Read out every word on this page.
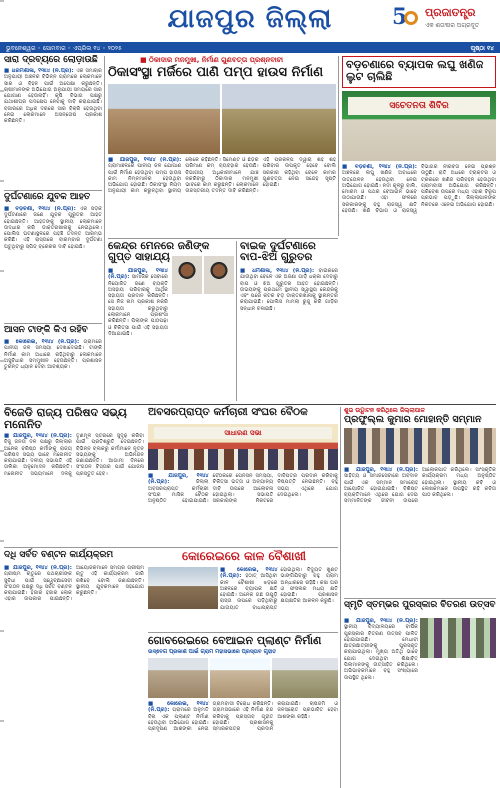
ଯାଜପୁର ଜିଲ୍ଲା	5	ପ୍ରଜାତନ୍ତ୍ର
ଏକ ଶତାବ୍ଦୀର ଅଗ୍ରଦୂତ
ଭୁବନେଶ୍ୱର ◦ ସୋମବାର ◦ ଏପ୍ରିଲ ୧୪ ◦ ୨୦୨୫	ପୃଷ୍ଠା ୧୪
ସାରା ଦ୍ରବ୍ୟରେ ଲୋଡ଼ାଉଛି

■ ଧରମଶାଳା, ୧୩ା୪ (ନି.ପ୍ର): ଏକ ସମାଚାର ଅନୁଯାୟୀ ଅଞ୍ଚଳର ବିଭିନ୍ନ ଗ୍ରାମରେ ଲୋକମାନେ ସାର ଓ ବିହନ ପାଇଁ ଅପେକ୍ଷା କରୁଛନ୍ତି। ଚାଷୀମାନଙ୍କ ଅଭିଯୋଗ ଅନୁଯାୟୀ ସମୟରେ ସାର ଯୋଗାଣ ହେଉନାହିଁ। କୃଷି ବିଭାଗ ପକ୍ଷରୁ ଯଥାଶୀଘ୍ର ପଦକ୍ଷେପ ନେବାକୁ ଦାବି କରାଯାଇଛି। ବଜାରରେ ଅଧିକ ଦରରେ ସାର ବିକ୍ରି ହେଉଥିବା ନେଇ ଲୋକମାନେ ଅସନ୍ତୋଷ ପ୍ରକାଶ କରିଛନ୍ତି।

ଦୁର୍ଘଟଣାରେ ଯୁବକ ଆହତ

■ ବଡ଼ଚଣା, ୧୩ା୪ (ନି.ପ୍ର): ଏକ ସଡ଼କ ଦୁର୍ଘଟଣାରେ ଜଣେ ଯୁବକ ଗୁରୁତର ଆହତ ହୋଇଛନ୍ତି। ଆହତଙ୍କୁ ସ୍ଥାନୀୟ ଲୋକମାନେ ଉଦ୍ଧାର କରି ଡାକ୍ତରଖାନାକୁ ନେଇଥିଲେ। ପୋଲିସ ଘଟଣାସ୍ଥଳରେ ପହଞ୍ଚି ତଦନ୍ତ ଆରମ୍ଭ କରିଛି। ଏହି ରାସ୍ତାରେ ବାରମ୍ବାର ଦୁର୍ଘଟଣା ଘଟୁଥିବାରୁ ସ୍ପିଡ୍ ବ୍ରେକର ଦାବି ହୋଇଛି।

ଆସନ ଟାଙ୍କି କିଏ ରହିବ

■ କୋରେଇ, ୧୩ା୪ (ନି.ପ୍ର): ଗ୍ରାମରେ ପାନୀୟ ଜଳ ସମସ୍ୟା ଦେଖାଦେଇଛି। ଟାଙ୍କି ନିର୍ମାଣ କାମ ଅଧାରେ ରହିଥିବାରୁ ଲୋକମାନେ ଅସୁବିଧାର ସମ୍ମୁଖୀନ ହେଉଛନ୍ତି। ପ୍ରଶାସନ ତୁରନ୍ତ ଧ୍ୟାନ ଦେବା ଆବଶ୍ୟକ।

■ ଠିକାଦାର ମନମୁଖୀ, ନିର୍ମାଣ ଗୁଣବତ୍ତା ପ୍ରଶ୍ନବାଚୀ
ଠିକାସଂସ୍ଥା ମର୍ଜିରେ ପାଣି ପମ୍ପ ହାଉସ ନିର୍ମାଣ

■ ଯାଜପୁର, ୧୩ା୪ (ନି.ପ୍ର): ଗ୍ରାମାଞ୍ଚଳରେ ପାନୀୟ ଜଳ ଯୋଗାଣ ପାଇଁ ନିର୍ମାଣ ହେଉଥିବା ପମ୍ପ ହାଉସ କାମ ନିମ୍ନମାନର ହେଉଥିବା ଅଭିଯୋଗ ହୋଇଛି। ଠିକାସଂସ୍ଥା ନିୟମ ଅନୁଯାୟୀ କାମ କରୁନଥିବା ସ୍ଥାନୀୟ ଲୋକେ କହିଛନ୍ତି। ସିମେଣ୍ଟ ଓ ଛଡ଼ର ପରିମାଣ କମ୍ ବ୍ୟବହାର ହେଉଛି। ବିଭାଗୀୟ ଅଧିକାରୀମାନେ ଯାଞ୍ଚ ନକରିବାରୁ ଠିକାଦାର ମନମୁଖୀ ଭାବରେ କାମ କରୁଛନ୍ତି। ଲୋକମାନେ ଉଚ୍ଚସ୍ତରୀୟ ତଦନ୍ତ ଦାବି କରିଛନ୍ତି। ଏହି ପ୍ରକଳ୍ପ ଦ୍ୱାରା ଶହ ଶହ ପରିବାର ଉପକୃତ ହେବେ ବୋଲି ସରକାର କହିଥିବା ବେଳେ କାମର ଗୁଣବତ୍ତା ନେଇ ସନ୍ଦେହ ସୃଷ୍ଟି ହୋଇଛି।

ବଡ଼ଚଣାରେ ବ୍ୟାପକ ଲଘୁ ଖଣିଜ ଲୁଟ ଚାଲିଛି
ସଚେତନତା ଶିବିର

■ ବଡ଼ଚଣା, ୧୩ା୪ (ନି.ପ୍ର): ଅଞ୍ଚଳରେ ଲଘୁ ଖଣିଜ ଅବାଧରେ ଉତ୍ତୋଳନ ହେଉଥିବା ନେଇ ଅଭିଯୋଗ ହୋଇଛି। ନଦୀ କୂଳରୁ ବାଲି, ମୋରମ ଓ ପଥର ବେଆଇନ ଭାବେ ଉଠାଯାଉଛି। ଏହା ଫଳରେ ସରକାରଙ୍କୁ ବହୁ ରାଜସ୍ୱ କ୍ଷତି ହେଉଛି। ଖଣି ବିଭାଗ ଓ ରାଜସ୍ୱ ବିଭାଗର ନୀରବତା ନେଇ ପ୍ରଶ୍ନ ଉଠୁଛି। ରାତି ଅଧରେ ଟ୍ରାକ୍ଟର ଓ ଟ୍ରକରେ ଖଣିଜ ପରିବହନ ହେଉଥିବା ଗ୍ରାମବାସୀ ଅଭିଯୋଗ କରିଛନ୍ତି। ପରିବେଶ ଉପରେ ମଧ୍ୟ ଏହାର ବିରୂପ ପ୍ରଭାବ ପଡ଼ୁଛି। ଜିଲ୍ଲାପାଳଙ୍କ ନିକଟରେ ଏନେଇ ଅଭିଯୋଗ ହୋଇଛି।

କେନ୍ଦ୍ର ମେନରେ ଜଣିଙ୍କ ଗୁପ୍ତ ସାହାଯ୍ୟ

■ ଯାଜପୁର, ୧୩ା୪ (ନି.ପ୍ର): ସାମାଜିକ ସେବାରେ ନିୟୋଜିତ ଜଣେ ବ୍ୟକ୍ତି ଅସହାୟ ପରିବାରକୁ ଆର୍ଥିକ ସହାୟତା ପ୍ରଦାନ କରିଛନ୍ତି। ସେ ନିଜ ନାମ ପ୍ରକାଶ ନକରି ସହାୟତା କରୁଥିବାରୁ ଲୋକମାନେ ପ୍ରଶଂସା କରିଛନ୍ତି। ପିଲାଙ୍କ ପାଠପଢ଼ା ଓ ଚିକିତ୍ସା ପାଇଁ ଏହି ସହାୟତା ଦିଆଯାଇଛି।

ବାଇକ ଦୁର୍ଘଟଣାରେ ବାପ-ଝିଅ ଗୁରୁତର

■ ଧର୍ମଶାଳା, ୧୩ା୪ (ନି.ପ୍ର): ବାଇକରେ ଯାଉଥିବା ବେଳେ ଏକ ଅଜଣା ଗାଡ଼ି ଧକ୍କା ଦେବାରୁ ବାପ ଓ ଝିଅ ଗୁରୁତର ଆହତ ହୋଇଛନ୍ତି। ଉଭୟଙ୍କୁ ପ୍ରଥମେ ସ୍ଥାନୀୟ ସ୍ୱାସ୍ଥ୍ୟ କେନ୍ଦ୍ରକୁ ଏବଂ ପରେ କଟକ ବଡ଼ ଡାକ୍ତରଖାନାକୁ ସ୍ଥାନାନ୍ତର କରାଯାଇଛି। ପୋଲିସ ମାମଲା ରୁଜୁ କରି ଗାଡ଼ିର ସନ୍ଧାନ ଚଳାଇଛି।

ବିଜେଡି ରାଜ୍ୟ ପରିଷଦ ସଭ୍ୟ ମନୋନିତ

■ ଯାଜପୁର, ୧୩ା୪ (ନି.ପ୍ର): ବିଜୁ ଜନତା ଦଳ ପକ୍ଷରୁ ଜିଲ୍ଲାର ଅନେକ ବରିଷ୍ଠ କର୍ମୀଙ୍କୁ ରାଜ୍ୟ ପରିଷଦ ସଭ୍ୟ ଭାବେ ମନୋନୀତ କରାଯାଇଛି। ଦଳୀୟ ସଭାପତି ଏହି ତାଲିକା ଅନୁମୋଦନ କରିଛନ୍ତି। ମନୋନୀତ ସଭ୍ୟମାନେ ଦଳକୁ ତୃଣମୂଳ ସ୍ତରରେ ସୁଦୃଢ଼ କରିବା ପାଇଁ ପ୍ରତିଶ୍ରୁତି ଦେଇଛନ୍ତି। ବିଭିନ୍ନ ବ୍ଲକରୁ କର୍ମୀମାନେ ନୂତନ ସଭ୍ୟଙ୍କୁ ଅଭିନନ୍ଦନ ଜଣାଇଛନ୍ତି। ଆଗାମୀ ଦିନରେ ସଂଗଠନ ବିସ୍ତାର ପାଇଁ ଯୋଜନା ପ୍ରସ୍ତୁତ ହେବ।

ଅବସରପ୍ରାପ୍ତ କର୍ମଚାରୀ ସଂଘର ବୈଠକ
ସାଧାରଣ ସଭା

■ ଯାଜପୁର, ୧୩ା୪ (ନି.ପ୍ର): ଜିଲ୍ଲା ଅବସରପ୍ରାପ୍ତ କର୍ମଚାରୀ ସଂଘର ମାସିକ ବୈଠକ ଅନୁଷ୍ଠିତ ହୋଇଯାଇଛି। ବୈଠକରେ ପେନସନ ସମସ୍ୟା, ଚିକିତ୍ସା ଭତ୍ତା ଓ ଅନ୍ୟାନ୍ୟ ଦାବି ଉପରେ ଆଲୋଚନା ହୋଇଥିଲା। ସଭାପତି ସରକାରଙ୍କ ନିକଟରେ ଦାବିପତ୍ର ପ୍ରଦାନ କରିବାକୁ ନିଷ୍ପତ୍ତି ନେଇଛନ୍ତି। ବହୁ ସଭ୍ୟ ଏଥିରେ ଯୋଗ ଦେଇଥିଲେ।

ଶୁଭ ଉଦ୍ଘାଟନ କରିଥିଲେ ଜିଲ୍ଲାପାଳ
ପ୍ରଫୁଲ୍ଲ କୁମାର ମୋହାନ୍ତି ସମ୍ମାନ

■ ଯାଜପୁର, ୧୩ା୪ (ନି.ପ୍ର): ସାହିତ୍ୟ ଓ ସମାଜସେବାରେ ଅବଦାନ ପାଇଁ ଏକ ସମ୍ମାନ ସମାରୋହ ଆୟୋଜିତ ହୋଇଯାଇଛି। ବିଶିଷ୍ଟ ବ୍ୟକ୍ତିମାନେ ଏଥିରେ ଯୋଗ ଦେଇ ସମ୍ମାନିତଙ୍କ ଜୀବନୀ ଉପରେ ଆଲୋକପାତ କରିଥିଲେ। ସାଂସ୍କୃତିକ କାର୍ଯ୍ୟକ୍ରମ ମଧ୍ୟ ଅନୁଷ୍ଠିତ ହୋଇଥିଲା। ସ୍ଥାନୀୟ କବି ଓ ଲେଖକମାନେ ଉପସ୍ଥିତ ରହି କବିତା ପାଠ କରିଥିଲେ।

କୋରେଇରେ କାଳ ବୈଶାଖୀ

■ କୋରେଇ, ୧୩ା୪ (ନି.ପ୍ର): ହଠାତ୍ ଆସିଥିବା କାଳ ବୈଶାଖୀ ଝଡ଼ରେ ଅଞ୍ଚଳରେ ବ୍ୟାପକ କ୍ଷତି ହୋଇଛି। ଅନେକ ଗଛ ଉପୁଡ଼ି ରାସ୍ତା ଉପରେ ପଡ଼ିଥିବାରୁ ଯାତାୟାତ ବାଧାପ୍ରାପ୍ତ ହୋଇଥିଲା। ବିଦ୍ୟୁତ ଖୁଣ୍ଟ ଭାଙ୍ଗିଯିବାରୁ ବହୁ ଗ୍ରାମ ଅନ୍ଧାରରେ ରହିଛି। କଞ୍ଚା ଘର ଓ ଫସଲର ମଧ୍ୟ କ୍ଷତି ହୋଇଛି। ପ୍ରଶାସନ କ୍ଷୟକ୍ଷତିର ଆକଳନ କରୁଛି।

ଦଧି ସର୍ବତ ବଣ୍ଟନ କାର୍ଯ୍ୟକ୍ରମ

■ ଯାଜପୁର, ୧୩ା୪ (ନି.ପ୍ର): ଗ୍ରୀଷ୍ମ ଋତୁରେ ପଥଚାରୀଙ୍କ ସୁବିଧା ପାଇଁ ସ୍ୱେଚ୍ଛାସେବୀ ସଂଗଠନ ପକ୍ଷରୁ ଦଧି ସର୍ବତ ବଣ୍ଟନ କରାଯାଇଛି। ହଜାର ହଜାର ଲୋକ ଏହାର ଉପକାର ପାଇଛନ୍ତି। ଆୟୋଜକମାନେ ସମଗ୍ର ଗ୍ରୀଷ୍ମ ଋତୁ ଏହି କାର୍ଯ୍ୟକ୍ରମ ଜାରି ରଖିବେ ବୋଲି ଜଣାଇଛନ୍ତି। ସ୍ଥାନୀୟ ଯୁବକମାନେ ସହଯୋଗ କରୁଛନ୍ତି।

ଗୋବରେଇରେ ବେଆଇନ ପ୍ଲାଣ୍ଟ ନିର୍ମାଣ
ଉଦ୍ବେଗ ପ୍ରକାଶ ପାଇଁ ଗ୍ରାମ ମହାସଭାରେ ପ୍ରସ୍ତାବ ଗୃହୀତ

■ କୋରେଇ, ୧୩ା୪ (ନି.ପ୍ର): ଗ୍ରାମରେ ଅନୁମତି ବିନା ଏକ ପ୍ଲାଣ୍ଟ ନିର୍ମାଣ ହେଉଥିବା ଅଭିଯୋଗ ହୋଇଛି। ପ୍ରଦୂଷଣ ଆଶଙ୍କା ନେଇ ଗ୍ରାମବାସୀ ବିରୋଧ କରିଛନ୍ତି। ଗ୍ରାମସଭାରେ ଏହି ନିର୍ମାଣ ବନ୍ଦ କରିବାକୁ ପ୍ରସ୍ତାବ ଗୃହୀତ ହୋଇଛି। ପ୍ରଶାସନକୁ ସ୍ମାରକପତ୍ର ପ୍ରଦାନ କରାଯାଇଛି। ଚାଷଜମି ଓ ଜଳସ୍ରୋତ ପ୍ରଭାବିତ ହେବା ଆଶଙ୍କା ରହିଛି।

ସ୍ମୃତି ସ୍ତମ୍ଭର ପୁରସ୍କାର ବିତରଣ ଉତ୍ସବ

■ ଯାଜପୁର, ୧୩ା୪ (ନି.ପ୍ର): ସ୍ଥାନୀୟ ବିଦ୍ୟାଳୟରେ ବାର୍ଷିକ ପୁରସ୍କାର ବିତରଣ ଉତ୍ସବ ପାଳିତ ହୋଇଯାଇଛି। ମେଧାବୀ ଛାତ୍ରଛାତ୍ରୀଙ୍କୁ ପୁରସ୍କୃତ କରାଯାଇଥିଲା। ମୁଖ୍ୟ ଅତିଥି ଭାବେ ଯୋଗ ଦେଇଥିବା ଶିକ୍ଷାବିତ୍ ପିଲାମାନଙ୍କୁ ଉତ୍ସାହିତ କରିଥିଲେ। ଅଭିଭାବକମାନେ ବହୁ ସଂଖ୍ୟାରେ ଉପସ୍ଥିତ ଥିଲେ।
